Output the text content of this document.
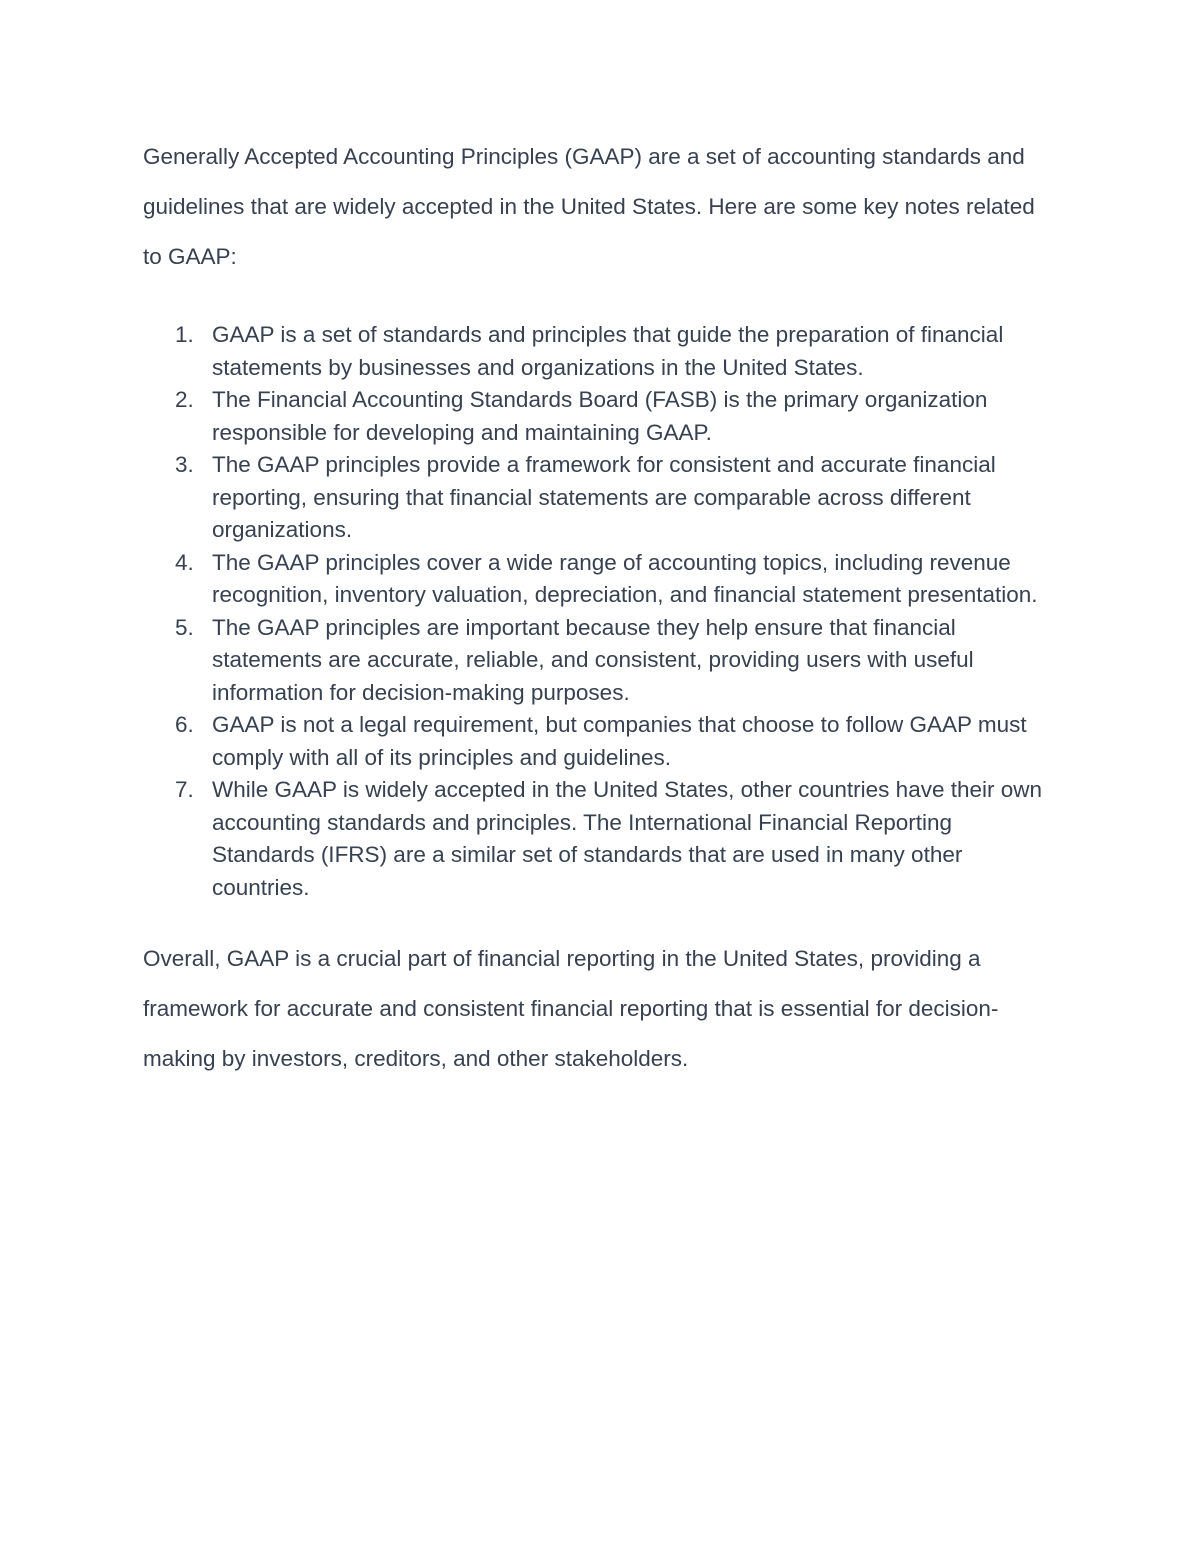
Generally Accepted Accounting Principles (GAAP) are a set of accounting standards and guidelines that are widely accepted in the United States. Here are some key notes related to GAAP:

1. GAAP is a set of standards and principles that guide the preparation of financial statements by businesses and organizations in the United States.
2. The Financial Accounting Standards Board (FASB) is the primary organization responsible for developing and maintaining GAAP.
3. The GAAP principles provide a framework for consistent and accurate financial reporting, ensuring that financial statements are comparable across different organizations.
4. The GAAP principles cover a wide range of accounting topics, including revenue recognition, inventory valuation, depreciation, and financial statement presentation.
5. The GAAP principles are important because they help ensure that financial statements are accurate, reliable, and consistent, providing users with useful information for decision-making purposes.
6. GAAP is not a legal requirement, but companies that choose to follow GAAP must comply with all of its principles and guidelines.
7. While GAAP is widely accepted in the United States, other countries have their own accounting standards and principles. The International Financial Reporting Standards (IFRS) are a similar set of standards that are used in many other countries.

Overall, GAAP is a crucial part of financial reporting in the United States, providing a framework for accurate and consistent financial reporting that is essential for decision-making by investors, creditors, and other stakeholders.
